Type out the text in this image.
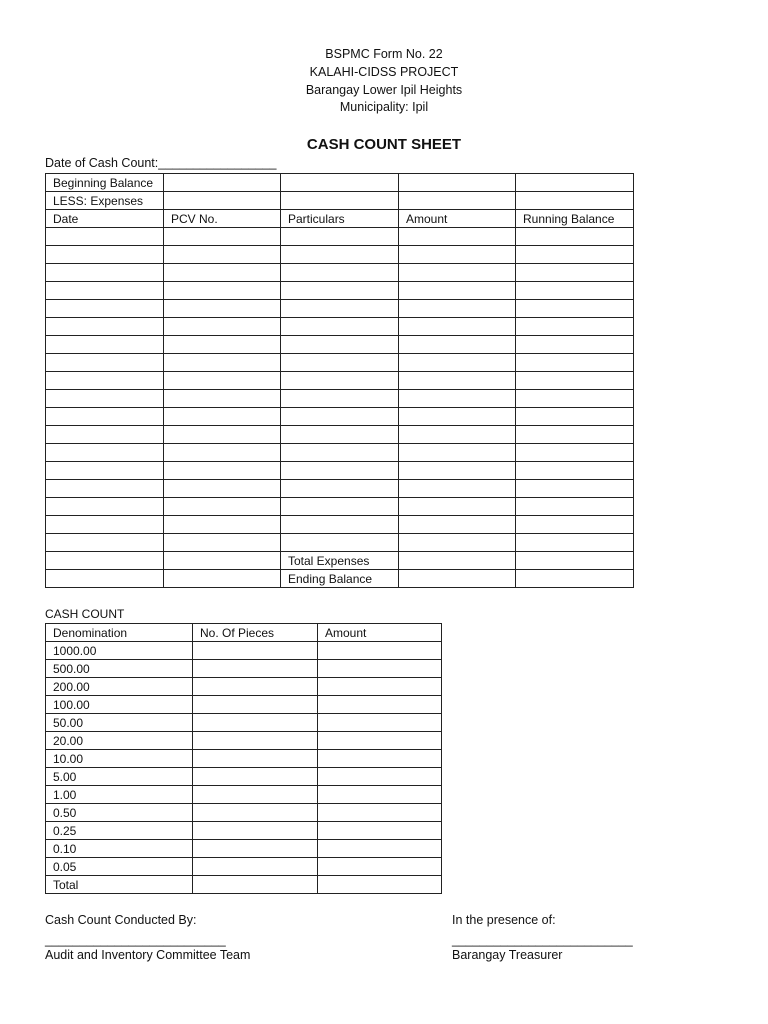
BSPMC Form No. 22
KALAHI-CIDSS PROJECT
Barangay Lower Ipil Heights
Municipality: Ipil
CASH COUNT SHEET
Date of Cash Count:_________________
Beginning Balance				
LESS: Expenses				
Date	PCV No.	Particulars	Amount	Running Balance

		Total Expenses		
		Ending Balance		
CASH COUNT
Denomination	No. Of Pieces	Amount
1000.00		
500.00		
200.00		
100.00		
50.00		
20.00		
10.00		
5.00		
1.00		
0.50		
0.25		
0.10		
0.05		
Total		
Cash Count Conducted By:
__________________________
Audit and Inventory Committee Team
In the presence of:
__________________________
Barangay Treasurer
